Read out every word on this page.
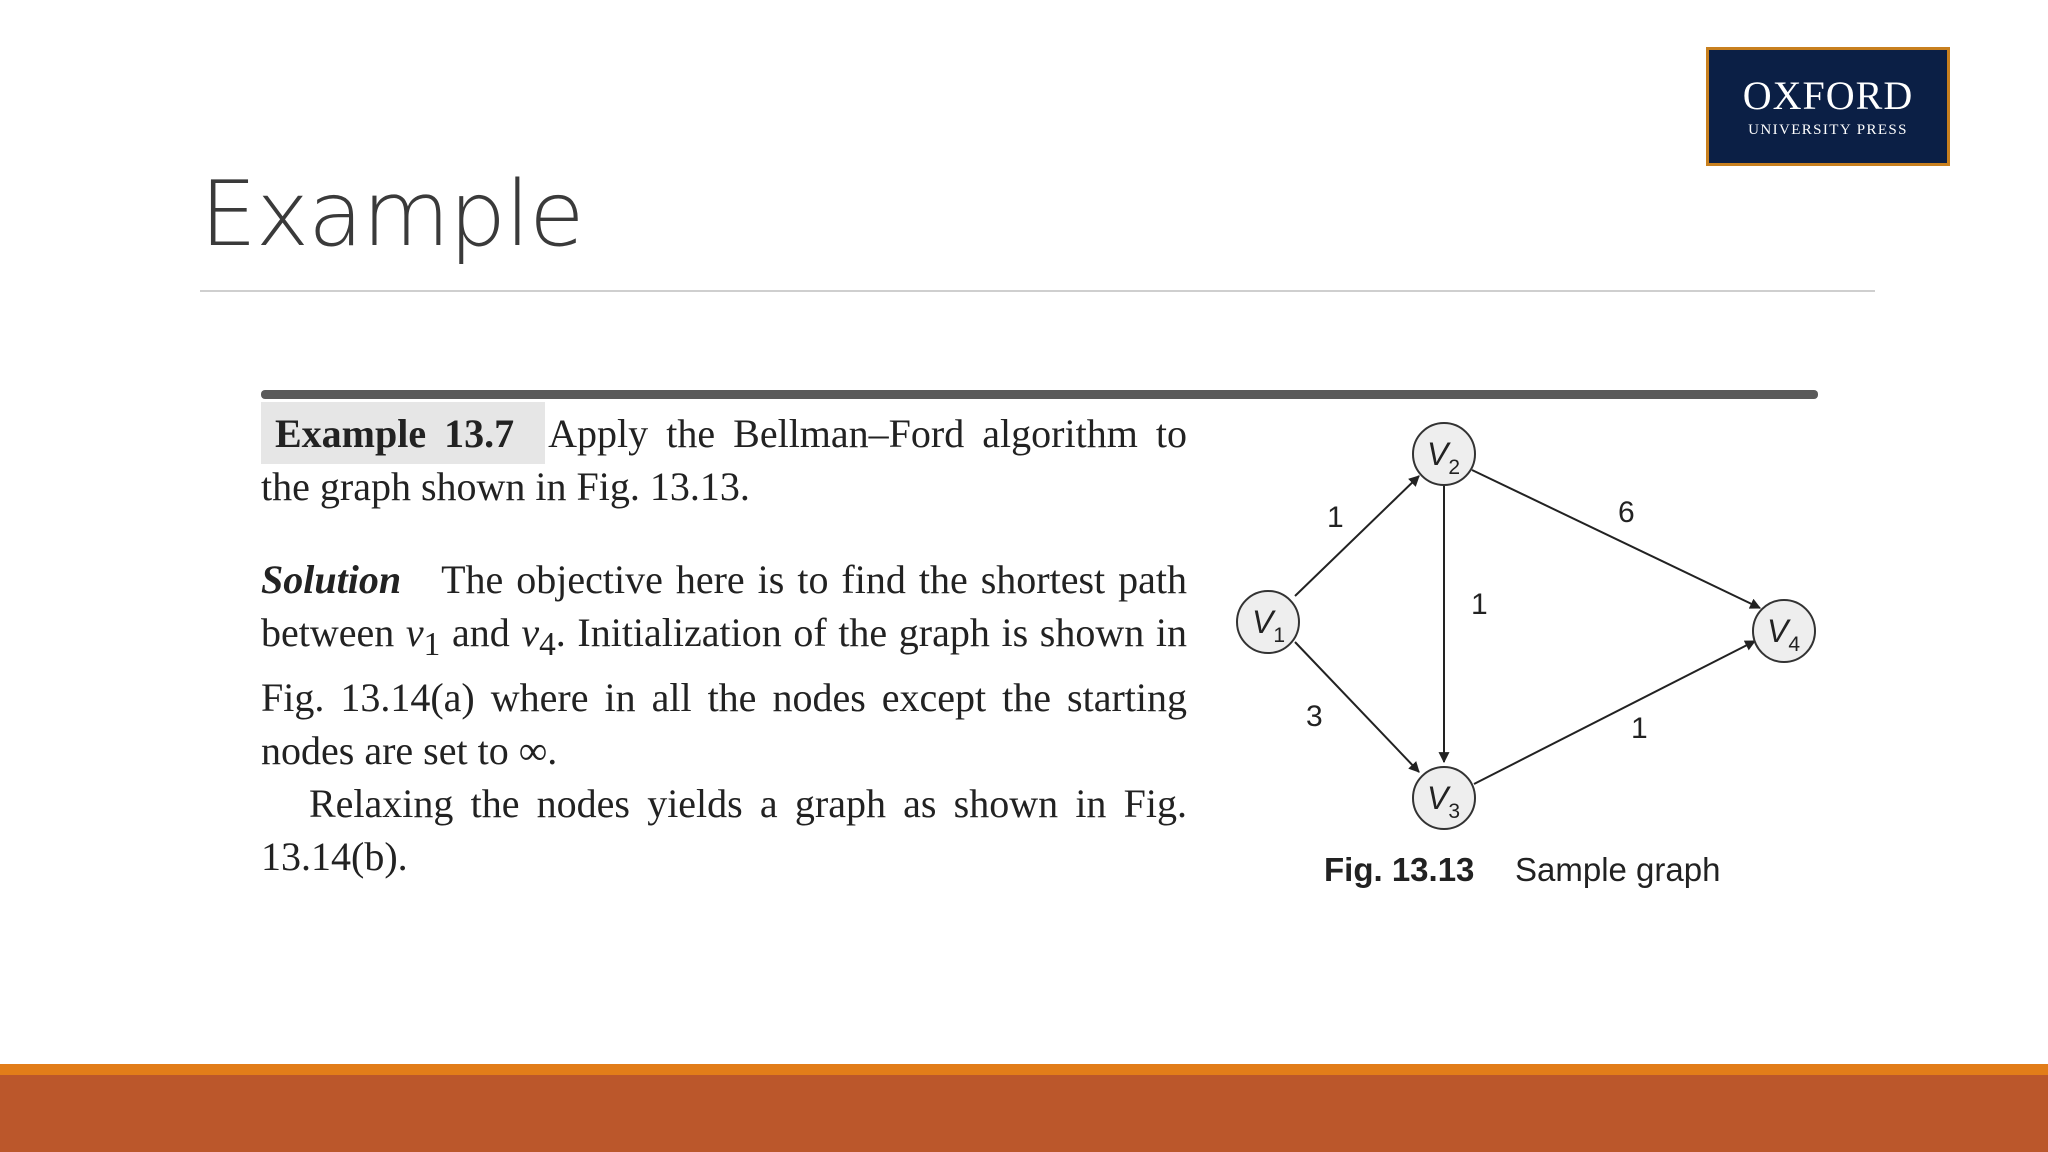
Example
OXFORD
UNIVERSITY PRESS

Example 13.7 Apply the Bellman–Ford algorithm to the graph shown in Fig. 13.13.

Solution The objective here is to find the shortest path between $v_1$ and $v_4$. Initialization of the graph is shown in Fig. 13.14(a) where in all the nodes except the starting nodes are set to ∞.

Relaxing the nodes yields a graph as shown in Fig. 13.14(b).

1
3
1
6
1
$V_1$
$V_2$
$V_3$
$V_4$
Fig. 13.13 Sample graph
